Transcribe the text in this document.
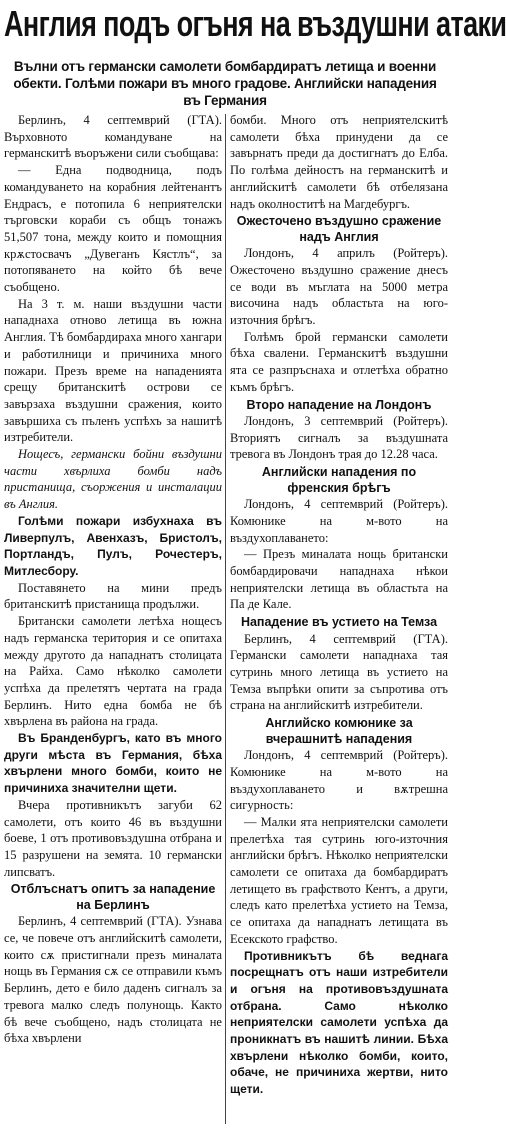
Англия подъ огъня на въздушни атаки
Вълни отъ германски самолети бомбардиратъ летища и военни обекти. Голѣми пожари въ много градове. Английски нападения въ Германия

Берлинъ, 4 септемврий (ГТА). Върховното командуване на германскитѣ въоръжени сили съобщава:

— Една подводница, подъ командуването на корабния лейтенантъ Ендрасъ, е потопила 6 неприятелски търговски кораби съ общъ тонажъ 51,507 тона, между които и помощния крѫстосвачъ „Дувеганъ Кястлъ“, за потопяването на който бѣ вече съобщено.

На 3 т. м. наши въздушни части нападнаха отново летища въ южна Англия. Тѣ бомбардираха много хангари и работилници и причиниха много пожари. Презъ време на нападенията срещу британскитѣ острови се завързаха въздушни сражения, които завършиха съ пъленъ успѣхъ за нашитѣ изтребители.

Нощесъ, германски бойни въздушни части хвърлиха бомби надъ пристанища, съоржения и инсталации въ Англия.

Голѣми пожари избухнаха въ Ливерпулъ, Авенхазъ, Бристолъ, Портландъ, Пулъ, Рочестеръ, Митлесбору.

Поставянето на мини предъ британскитѣ пристанища продължи.

Британски самолети летѣха нощесъ надъ германска територия и се опитаха между другото да нападнатъ столицата на Райха. Само нѣколко самолети успѣха да прелетятъ чертата на града Берлинъ. Нито една бомба не бѣ хвърлена въ района на града.

Въ Бранденбургъ, като въ много други мѣста въ Германия, бѣха хвърлени много бомби, които не причиниха значителни щети.

Вчера противникътъ загуби 62 самолети, отъ които 46 въ въздушни боеве, 1 отъ противовъздушна отбрана и 15 разрушени на земята. 10 германски липсватъ.

Отблъснатъ опитъ за нападение на Берлинъ

Берлинъ, 4 септемврий (ГТА). Узнава се, че повече отъ английскитѣ самолети, които сѫ пристигнали презъ миналата нощь въ Германия сѫ се отправили къмъ Берлинъ, дето е било даденъ сигналъ за тревога малко следъ полунощь. Както бѣ вече съобщено, надъ столицата не бѣха хвърлени

бомби. Много отъ неприятелскитѣ самолети бѣха принудени да се завърнатъ преди да достигнатъ до Елба. По голѣма дейностъ на германскитѣ и английскитѣ самолети бѣ отбелязана надъ околноститѣ на Магдебургъ.

Ожесточено въздушно сражение надъ Англия

Лондонъ, 4 априлъ (Ройтеръ). Ожесточено въздушно сражение днесъ се води въ мъглата на 5000 метра височина надъ областьта на юго-източния брѣгъ.

Голѣмъ брой германски самолети бѣха свалени. Германскитѣ въздушни ята се разпръснаха и отлетѣха обратно къмъ брѣгъ.

Второ нападение на Лондонъ

Лондонъ, 3 септемврий (Ройтеръ). Вториятъ сигналъ за въздушната тревога въ Лондонъ трая до 12.28 часа.

Английски нападения по френския брѣгъ

Лондонъ, 4 септемврий (Ройтеръ). Комюнике на м-вото на въздухоплаването:

— Презъ миналата нощь британски бомбардировачи нападнаха нѣкои неприятелски летища въ областьта на Па де Кале.

Нападение въ устието на Темза

Берлинъ, 4 септемврий (ГТА). Германски самолети нападнаха тая сутринь много летища въ устието на Темза въпрѣки опити за съпротива отъ страна на английскитѣ изтребители.

Английско комюнике за вчерашнитѣ нападения

Лондонъ, 4 септемврий (Ройтеръ). Комюнике на м-вото на въздухоплаването и вѫтрешна сигурность:

— Малки ята неприятелски самолети прелетѣха тая сутринь юго-източния английски брѣгъ. Нѣколко неприятелски самолети се опитаха да бомбардиратъ летището въ графството Кентъ, а други, следъ като прелетѣха устието на Темза, се опитаха да нападнатъ летищата въ Есекското графство.

Противникътъ бѣ веднага посрещнатъ отъ наши изтребители и огъня на противовъздушната отбрана. Само нѣколко неприятелски самолети успѣха да проникнатъ въ нашитѣ линии. Бѣха хвърлени нѣколко бомби, които, обаче, не причиниха жертви, нито щети.
